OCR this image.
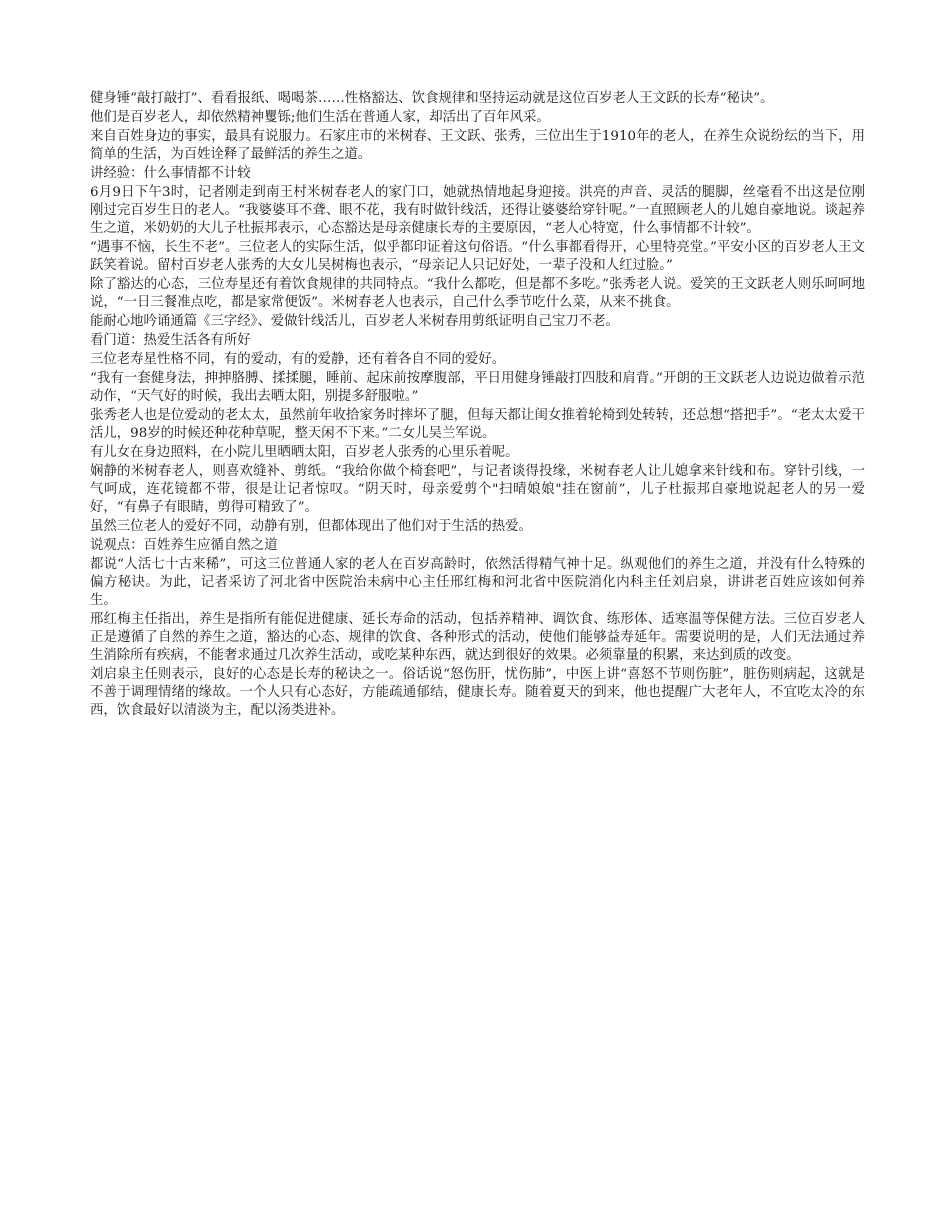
健身锤“敲打敲打”、看看报纸、喝喝茶……性格豁达、饮食规律和坚持运动就是这位百岁老人王文跃的长寿“秘诀”。

他们是百岁老人，却依然精神矍铄;他们生活在普通人家，却活出了百年风采。

来自百姓身边的事实，最具有说服力。石家庄市的米树春、王文跃、张秀，三位出生于1910年的老人，在养生众说纷纭的当下，用简单的生活，为百姓诠释了最鲜活的养生之道。

讲经验：什么事情都不计较

6月9日下午3时，记者刚走到南王村米树春老人的家门口，她就热情地起身迎接。洪亮的声音、灵活的腿脚，丝毫看不出这是位刚刚过完百岁生日的老人。“我婆婆耳不聋、眼不花，我有时做针线活，还得让婆婆给穿针呢。”一直照顾老人的儿媳自豪地说。谈起养生之道，米奶奶的大儿子杜振邦表示，心态豁达是母亲健康长寿的主要原因，“老人心特宽，什么事情都不计较”。

“遇事不恼，长生不老”。三位老人的实际生活，似乎都印证着这句俗语。“什么事都看得开，心里特亮堂。”平安小区的百岁老人王文跃笑着说。留村百岁老人张秀的大女儿吴树梅也表示，“母亲记人只记好处，一辈子没和人红过脸。”

除了豁达的心态，三位寿星还有着饮食规律的共同特点。“我什么都吃，但是都不多吃。”张秀老人说。爱笑的王文跃老人则乐呵呵地说，“一日三餐准点吃，都是家常便饭”。米树春老人也表示，自己什么季节吃什么菜，从来不挑食。

能耐心地吟诵通篇《三字经》、爱做针线活儿，百岁老人米树春用剪纸证明自己宝刀不老。

看门道：热爱生活各有所好

三位老寿星性格不同，有的爱动，有的爱静，还有着各自不同的爱好。

“我有一套健身法，抻抻胳膊、揉揉腿，睡前、起床前按摩腹部，平日用健身锤敲打四肢和肩背。”开朗的王文跃老人边说边做着示范动作，“天气好的时候，我出去晒太阳，别提多舒服啦。”

张秀老人也是位爱动的老太太，虽然前年收拾家务时摔坏了腿，但每天都让闺女推着轮椅到处转转，还总想“搭把手”。“老太太爱干活儿，98岁的时候还种花种草呢，整天闲不下来。”二女儿吴兰军说。

有儿女在身边照料，在小院儿里晒晒太阳，百岁老人张秀的心里乐着呢。

娴静的米树春老人，则喜欢缝补、剪纸。“我给你做个椅套吧”，与记者谈得投缘，米树春老人让儿媳拿来针线和布。穿针引线，一气呵成，连花镜都不带，很是让记者惊叹。“阴天时，母亲爱剪个"扫晴娘娘"挂在窗前”，儿子杜振邦自豪地说起老人的另一爱好，“有鼻子有眼睛，剪得可精致了”。

虽然三位老人的爱好不同，动静有别，但都体现出了他们对于生活的热爱。

说观点：百姓养生应循自然之道

都说“人活七十古来稀”，可这三位普通人家的老人在百岁高龄时，依然活得精气神十足。纵观他们的养生之道，并没有什么特殊的偏方秘诀。为此，记者采访了河北省中医院治未病中心主任邢红梅和河北省中医院消化内科主任刘启泉，讲讲老百姓应该如何养生。

邢红梅主任指出，养生是指所有能促进健康、延长寿命的活动，包括养精神、调饮食、练形体、适寒温等保健方法。三位百岁老人正是遵循了自然的养生之道，豁达的心态、规律的饮食、各种形式的活动，使他们能够益寿延年。需要说明的是，人们无法通过养生消除所有疾病，不能奢求通过几次养生活动，或吃某种东西，就达到很好的效果。必须靠量的积累，来达到质的改变。

刘启泉主任则表示，良好的心态是长寿的秘诀之一。俗话说“怒伤肝，忧伤肺”，中医上讲“喜怒不节则伤脏”，脏伤则病起，这就是不善于调理情绪的缘故。一个人只有心态好，方能疏通郁结，健康长寿。随着夏天的到来，他也提醒广大老年人，不宜吃太冷的东西，饮食最好以清淡为主，配以汤类进补。
